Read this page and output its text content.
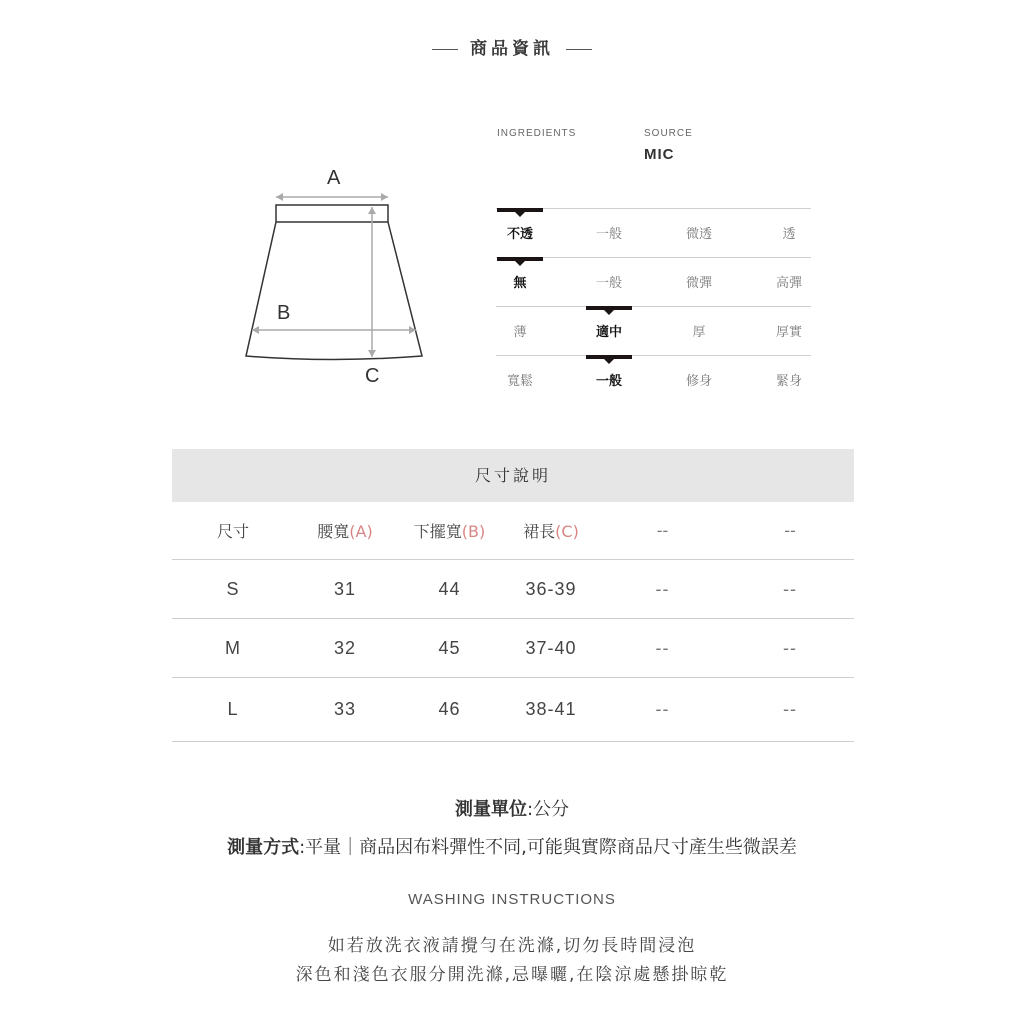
商品資訊
A
B
C
INGREDIENTS	SOURCE
MIC
不透	一般	微透	透
無	一般	微彈	高彈
薄	適中	厚	厚實
寬鬆	一般	修身	緊身
尺寸說明
尺寸	腰寬(A)	下擺寬(B)	裙長(C)	--	--
S	31	44	36-39	--	--
M	32	45	37-40	--	--
L	33	46	38-41	--	--
測量單位:公分
測量方式:平量｜商品因布料彈性不同,可能與實際商品尺寸產生些微誤差
WASHING INSTRUCTIONS
如若放洗衣液請攪勻在洗滌,切勿長時間浸泡
深色和淺色衣服分開洗滌,忌曝曬,在陰涼處懸掛晾乾
